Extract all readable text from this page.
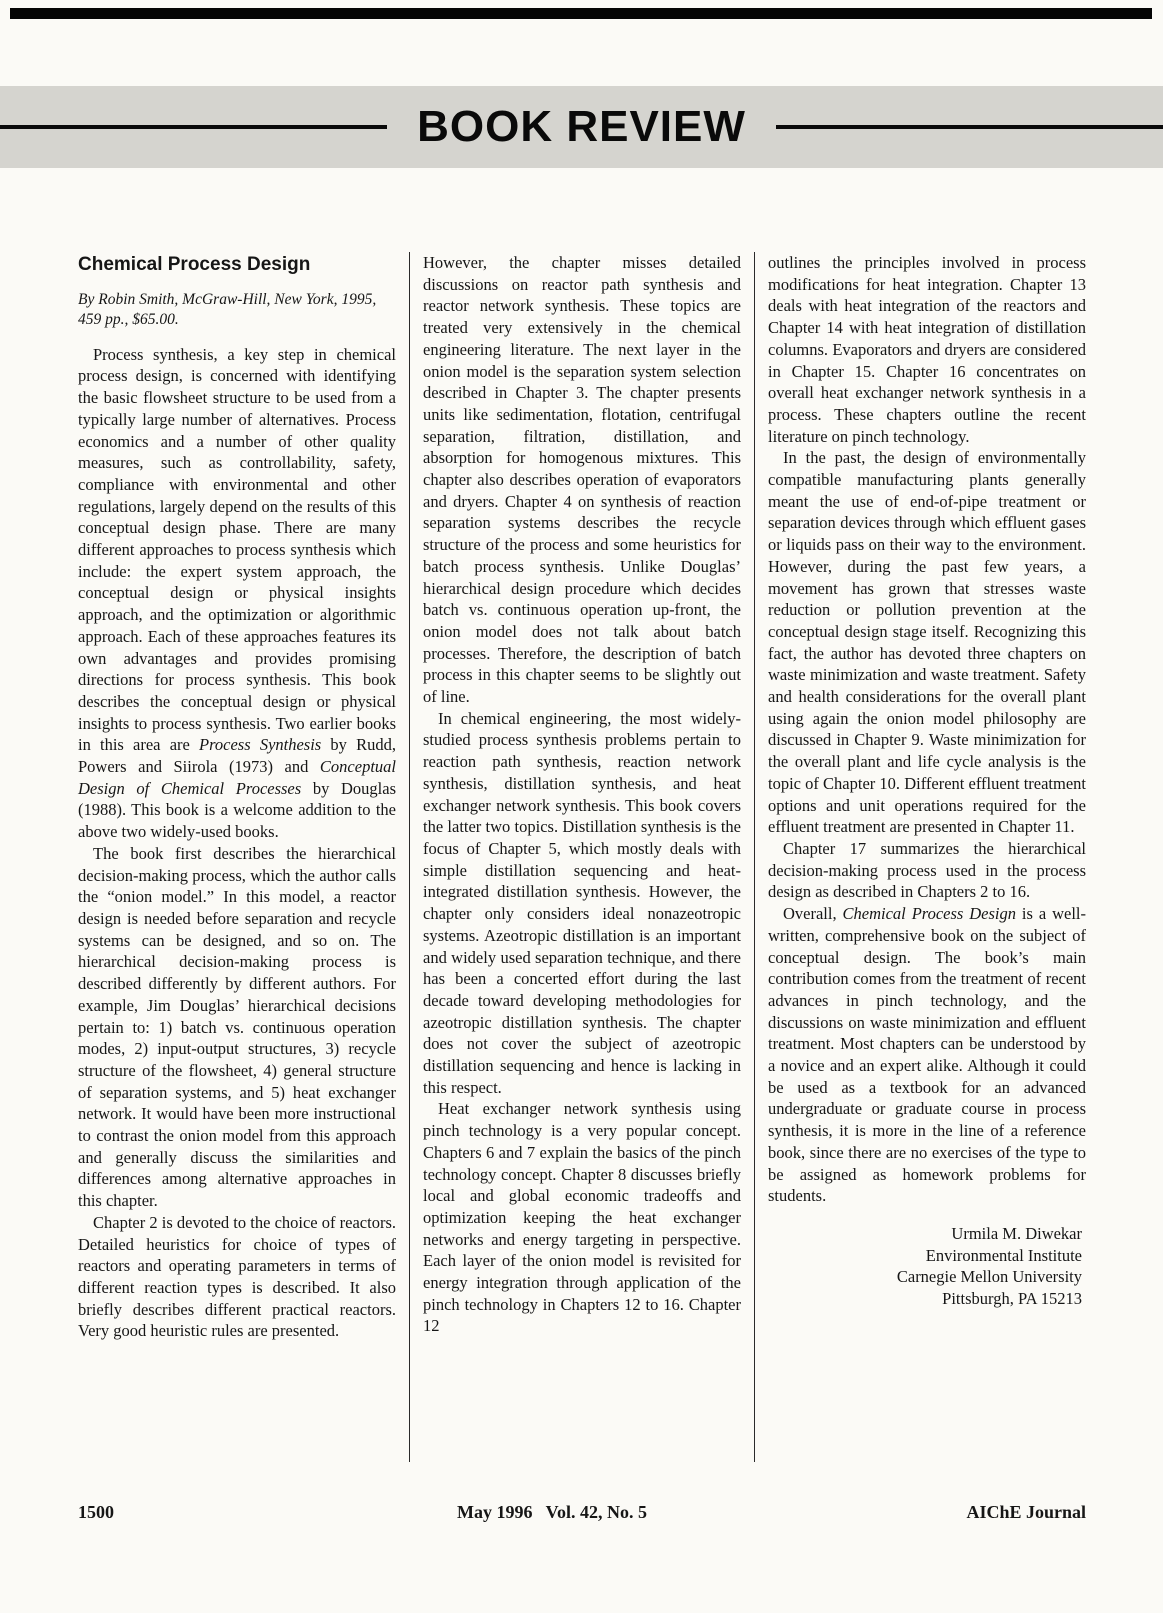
BOOK REVIEW
Chemical Process Design

By Robin Smith, McGraw-Hill, New York, 1995, 459 pp., $65.00.

Process synthesis, a key step in chemical process design, is concerned with identifying the basic flowsheet structure to be used from a typically large number of alternatives. Process economics and a number of other quality measures, such as controllability, safety, compliance with environmental and other regulations, largely depend on the results of this conceptual design phase. There are many different approaches to process synthesis which include: the expert system approach, the conceptual design or physical insights approach, and the optimization or algorithmic approach. Each of these approaches features its own advantages and provides promising directions for process synthesis. This book describes the conceptual design or physical insights to process synthesis. Two earlier books in this area are Process Synthesis by Rudd, Powers and Siirola (1973) and Conceptual Design of Chemical Processes by Douglas (1988). This book is a welcome addition to the above two widely-used books.

The book first describes the hierarchical decision-making process, which the author calls the “onion model.” In this model, a reactor design is needed before separation and recycle systems can be designed, and so on. The hierarchical decision-making process is described differently by different authors. For example, Jim Douglas’ hierarchical decisions pertain to: 1) batch vs. continuous operation modes, 2) input-output structures, 3) recycle structure of the flowsheet, 4) general structure of separation systems, and 5) heat exchanger network. It would have been more instructional to contrast the onion model from this approach and generally discuss the similarities and differences among alternative approaches in this chapter.

Chapter 2 is devoted to the choice of reactors. Detailed heuristics for choice of types of reactors and operating parameters in terms of different reaction types is described. It also briefly describes different practical reactors. Very good heuristic rules are presented.

However, the chapter misses detailed discussions on reactor path synthesis and reactor network synthesis. These topics are treated very extensively in the chemical engineering literature. The next layer in the onion model is the separation system selection described in Chapter 3. The chapter presents units like sedimentation, flotation, centrifugal separation, filtration, distillation, and absorption for homogenous mixtures. This chapter also describes operation of evaporators and dryers. Chapter 4 on synthesis of reaction separation systems describes the recycle structure of the process and some heuristics for batch process synthesis. Unlike Douglas’ hierarchical design procedure which decides batch vs. continuous operation up-front, the onion model does not talk about batch processes. Therefore, the description of batch process in this chapter seems to be slightly out of line.

In chemical engineering, the most widely-studied process synthesis problems pertain to reaction path synthesis, reaction network synthesis, distillation synthesis, and heat exchanger network synthesis. This book covers the latter two topics. Distillation synthesis is the focus of Chapter 5, which mostly deals with simple distillation sequencing and heat-integrated distillation synthesis. However, the chapter only considers ideal nonazeotropic systems. Azeotropic distillation is an important and widely used separation technique, and there has been a concerted effort during the last decade toward developing methodologies for azeotropic distillation synthesis. The chapter does not cover the subject of azeotropic distillation sequencing and hence is lacking in this respect.

Heat exchanger network synthesis using pinch technology is a very popular concept. Chapters 6 and 7 explain the basics of the pinch technology concept. Chapter 8 discusses briefly local and global economic tradeoffs and optimization keeping the heat exchanger networks and energy targeting in perspective. Each layer of the onion model is revisited for energy integration through application of the pinch technology in Chapters 12 to 16. Chapter 12

outlines the principles involved in process modifications for heat integration. Chapter 13 deals with heat integration of the reactors and Chapter 14 with heat integration of distillation columns. Evaporators and dryers are considered in Chapter 15. Chapter 16 concentrates on overall heat exchanger network synthesis in a process. These chapters outline the recent literature on pinch technology.

In the past, the design of environmentally compatible manufacturing plants generally meant the use of end-of-pipe treatment or separation devices through which effluent gases or liquids pass on their way to the environment. However, during the past few years, a movement has grown that stresses waste reduction or pollution prevention at the conceptual design stage itself. Recognizing this fact, the author has devoted three chapters on waste minimization and waste treatment. Safety and health considerations for the overall plant using again the onion model philosophy are discussed in Chapter 9. Waste minimization for the overall plant and life cycle analysis is the topic of Chapter 10. Different effluent treatment options and unit operations required for the effluent treatment are presented in Chapter 11.

Chapter 17 summarizes the hierarchical decision-making process used in the process design as described in Chapters 2 to 16.

Overall, Chemical Process Design is a well-written, comprehensive book on the subject of conceptual design. The book’s main contribution comes from the treatment of recent advances in pinch technology, and the discussions on waste minimization and effluent treatment. Most chapters can be understood by a novice and an expert alike. Although it could be used as a textbook for an advanced undergraduate or graduate course in process synthesis, it is more in the line of a reference book, since there are no exercises of the type to be assigned as homework problems for students.

Urmila M. Diwekar
Environmental Institute
Carnegie Mellon University
Pittsburgh, PA 15213
1500	May 1996   Vol. 42, No. 5	AIChE Journal
